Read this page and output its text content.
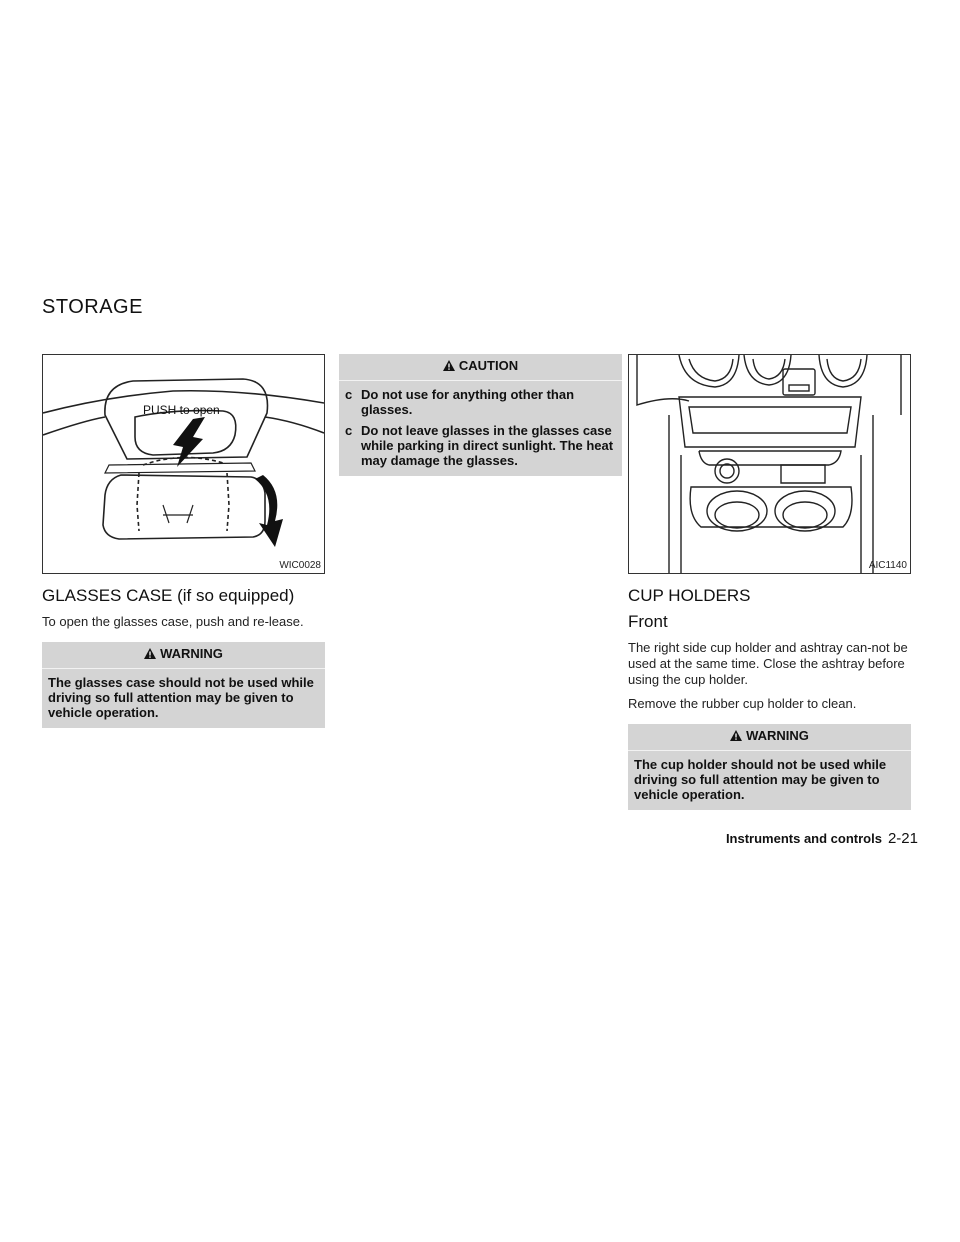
STORAGE
PUSH to open
WIC0028
GLASSES CASE (if so equipped)

To open the glasses case, push and re-lease.

WARNING
The glasses case should not be used while driving so full attention may be given to vehicle operation.
CAUTION
c Do not use for anything other than glasses.
c Do not leave glasses in the glasses case while parking in direct sunlight. The heat may damage the glasses.
AIC1140
CUP HOLDERS
Front

The right side cup holder and ashtray can-not be used at the same time. Close the ashtray before using the cup holder.

Remove the rubber cup holder to clean.

WARNING
The cup holder should not be used while driving so full attention may be given to vehicle operation.
Instruments and controls 2-21
